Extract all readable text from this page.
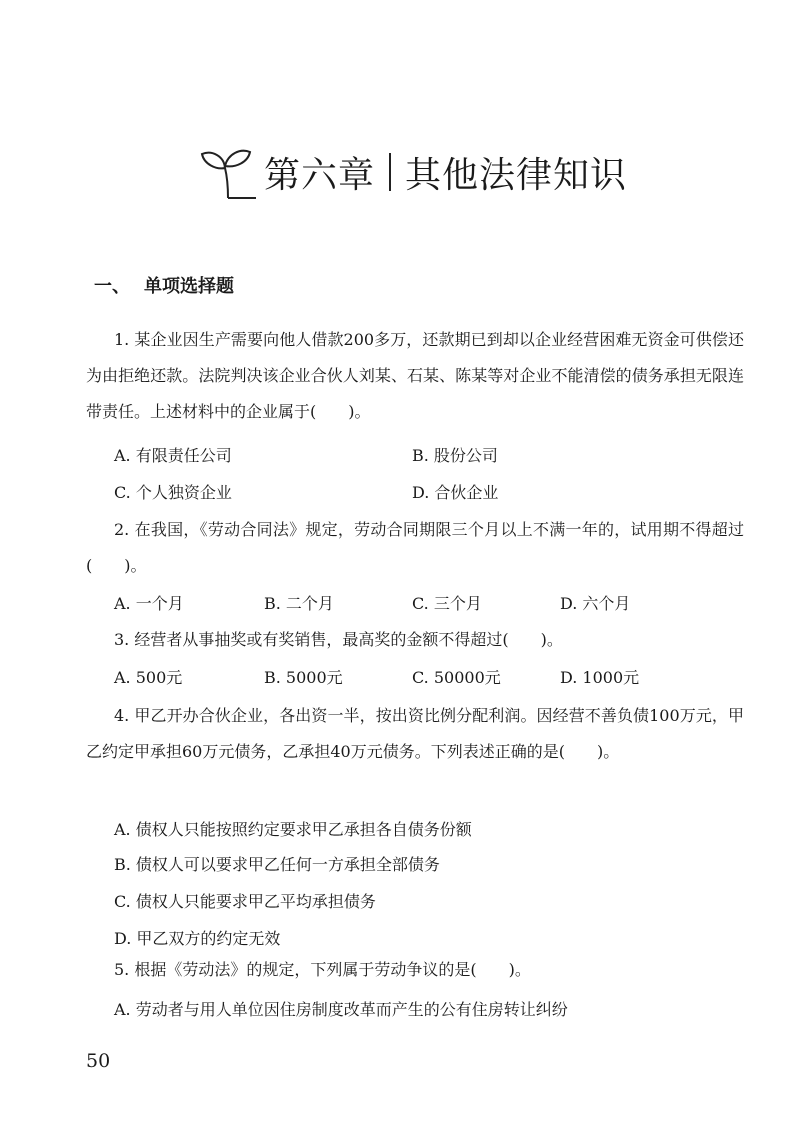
第六章 其他法律知识
一、 单项选择题
1. 某企业因生产需要向他人借款200多万，还款期已到却以企业经营困难无资金可供偿还为由拒绝还款。法院判决该企业合伙人刘某、石某、陈某等对企业不能清偿的债务承担无限连带责任。上述材料中的企业属于(　　)。
A. 有限责任公司	B. 股份公司
C. 个人独资企业	D. 合伙企业
2. 在我国，《劳动合同法》规定，劳动合同期限三个月以上不满一年的，试用期不得超过(　　)。
A. 一个月	B. 二个月	C. 三个月	D. 六个月
3. 经营者从事抽奖或有奖销售，最高奖的金额不得超过(　　)。
A. 500元	B. 5000元	C. 50000元	D. 1000元
4. 甲乙开办合伙企业，各出资一半，按出资比例分配利润。因经营不善负债100万元，甲乙约定甲承担60万元债务，乙承担40万元债务。下列表述正确的是(　　)。
A. 债权人只能按照约定要求甲乙承担各自债务份额
B. 债权人可以要求甲乙任何一方承担全部债务
C. 债权人只能要求甲乙平均承担债务
D. 甲乙双方的约定无效
5. 根据《劳动法》的规定，下列属于劳动争议的是(　　)。
A. 劳动者与用人单位因住房制度改革而产生的公有住房转让纠纷
50
